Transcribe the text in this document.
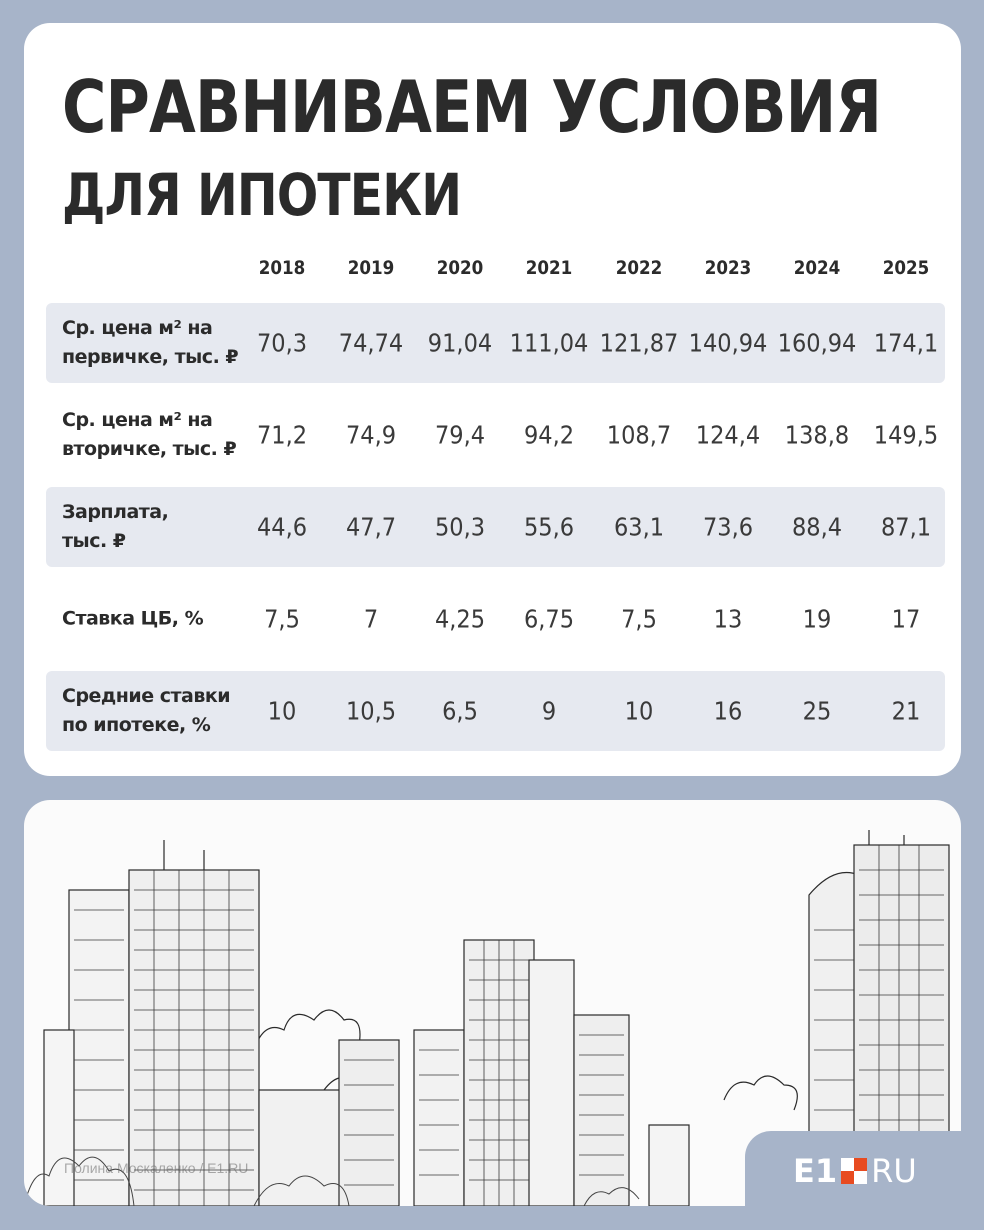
СРАВНИВАЕМ УСЛОВИЯ
ДЛЯ ИПОТЕКИ
2018	2019	2020	2021	2022	2023	2024	2025
Ср. цена м² на
первичке, тыс. ₽ 70,3	74,74 91,04 111,04 121,87 140,94 160,94 174,1
Ср. цена м² на
вторичке, тыс. ₽ 71,2	74,9	79,4	94,2	108,7 124,4 138,8 149,5
Зарплата,
тыс. ₽	44,6	47,7	50,3	55,6	63,1	73,6	88,4	87,1
Ставка ЦБ, %	7,5	7	4,25	6,75	7,5	13	19	17
Средние ставки
по ипотеке, %	10	10,5	6,5	9	10	16	25	21
Полина Москаленко / E1.RU	E1 RU
